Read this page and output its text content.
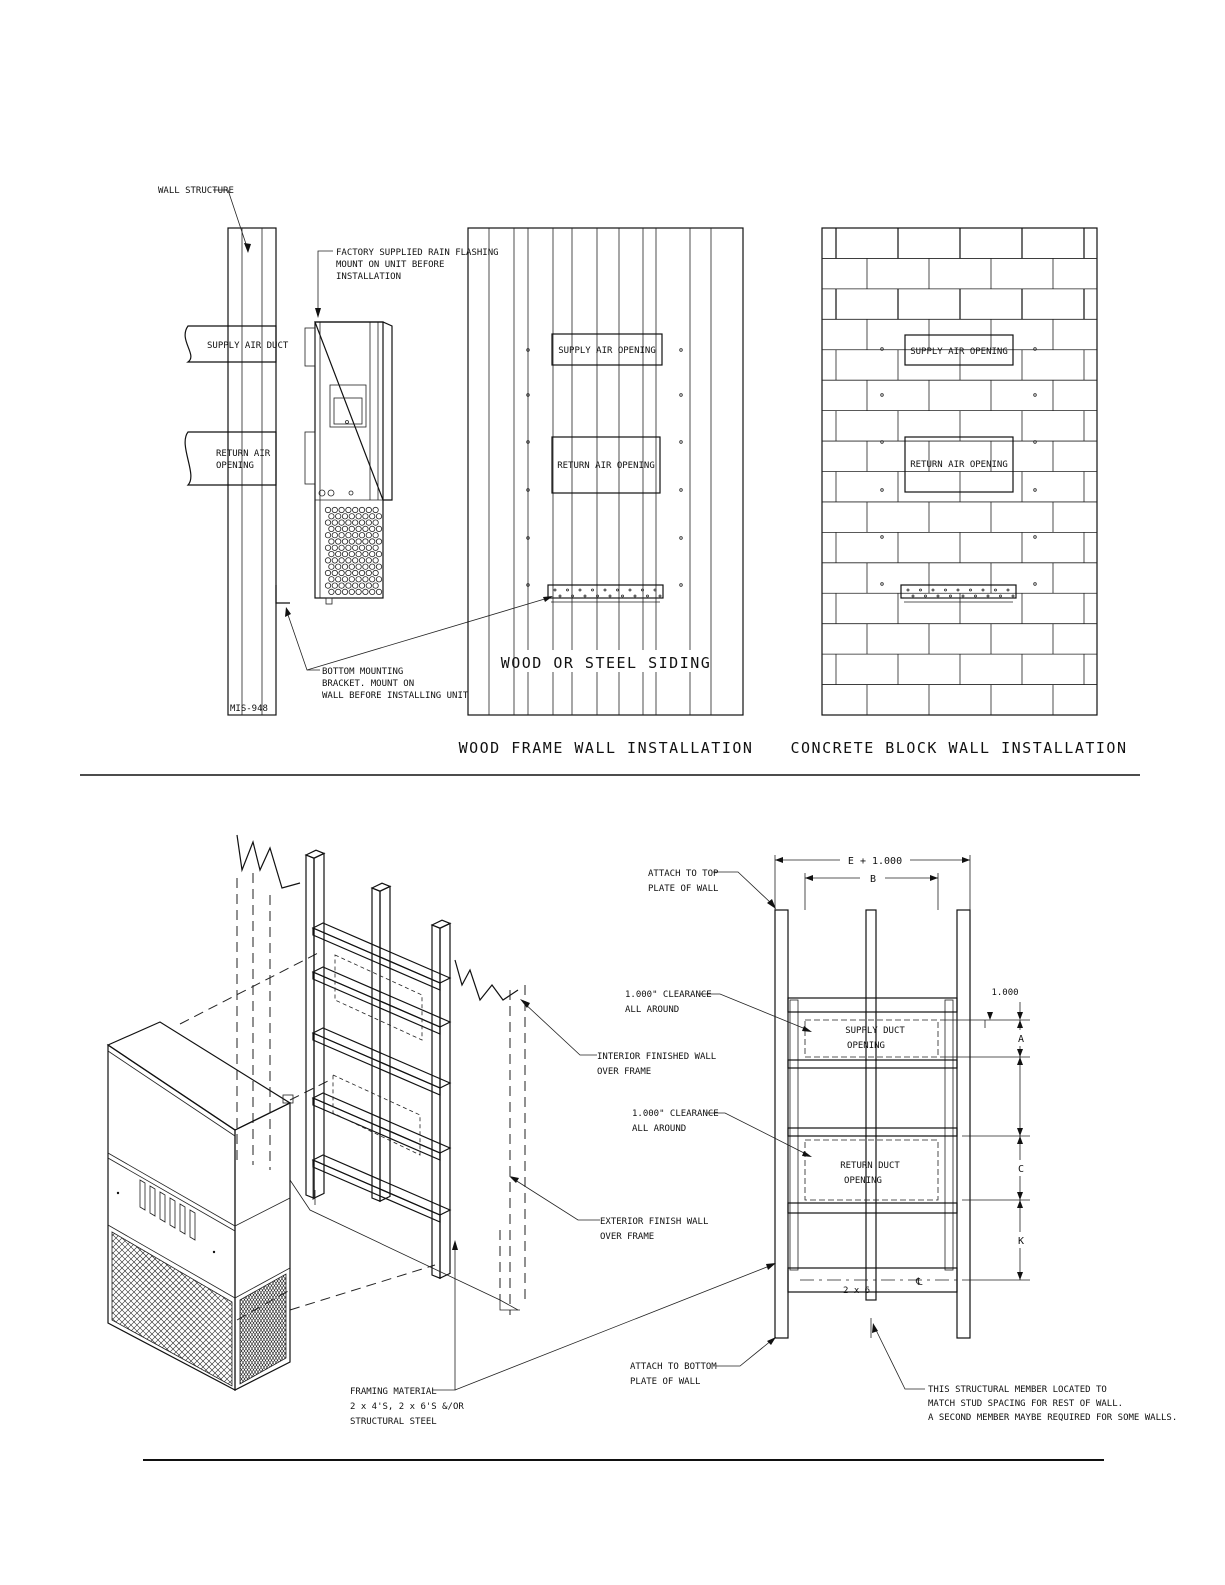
WALL STRUCTURE
SUPPLY AIR DUCT
RETURN AIR
OPENING
FACTORY SUPPLIED RAIN FLASHING
MOUNT ON UNIT BEFORE
INSTALLATION
BOTTOM MOUNTING
BRACKET. MOUNT ON
WALL BEFORE INSTALLING UNIT
MIS-948
SUPPLY AIR OPENING
RETURN AIR OPENING
WOOD OR STEEL SIDING
WOOD FRAME WALL INSTALLATION
SUPPLY AIR OPENING
RETURN AIR OPENING
CONCRETE BLOCK WALL INSTALLATION
INTERIOR FINISHED WALL
OVER FRAME
EXTERIOR FINISH WALL
OVER FRAME
FRAMING MATERIAL
2 x 4'S, 2 x 6'S &/OR
STRUCTURAL STEEL
SUPPLY DUCT
OPENING
RETURN DUCT
OPENING
2 x 6
℄
E + 1.000
B
A
C
K
1.000
ATTACH TO TOP
PLATE OF WALL
1.000" CLEARANCE
ALL AROUND
1.000" CLEARANCE
ALL AROUND
ATTACH TO BOTTOM
PLATE OF WALL
THIS STRUCTURAL MEMBER LOCATED TO
MATCH STUD SPACING FOR REST OF WALL.
A SECOND MEMBER MAYBE REQUIRED FOR SOME WALLS.
